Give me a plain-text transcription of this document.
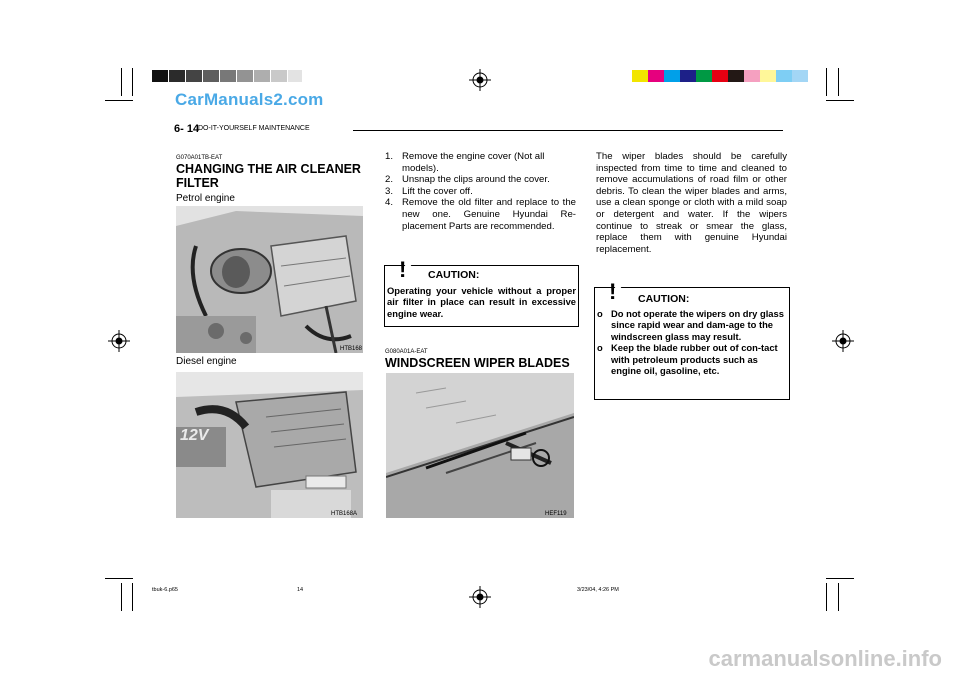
CarManuals2.com
6- 14
DO-IT-YOURSELF MAINTENANCE
G070A01TB-EAT
CHANGING THE AIR CLEANER
FILTER
Petrol engine
HTB168
Diesel engine
12V
HTB168A
1. Remove the engine cover (Not all models).
2. Unsnap the clips around the cover.
3. Lift the cover off.
4. Remove the old filter and replace to the new one. Genuine Hyundai Re-placement Parts are recommended.
! CAUTION:
Operating your vehicle without a proper air filter in place can result in excessive engine wear.
G080A01A-EAT
WINDSCREEN WIPER BLADES
HEF119
The wiper blades should be carefully inspected from time to time and cleaned to remove accumulations of road film or other debris. To clean the wiper blades and arms, use a clean sponge or cloth with a mild soap or detergent and water. If the wipers continue to streak or smear the glass, replace them with genuine Hyundai replacement.
! CAUTION:
o Do not operate the wipers on dry glass since rapid wear and dam-age to the windscreen glass may result.
o Keep the blade rubber out of con-tact with petroleum products such as engine oil, gasoline, etc.
tbuk-6.p65	14	3/23/04, 4:26 PM
carmanualsonline.info
